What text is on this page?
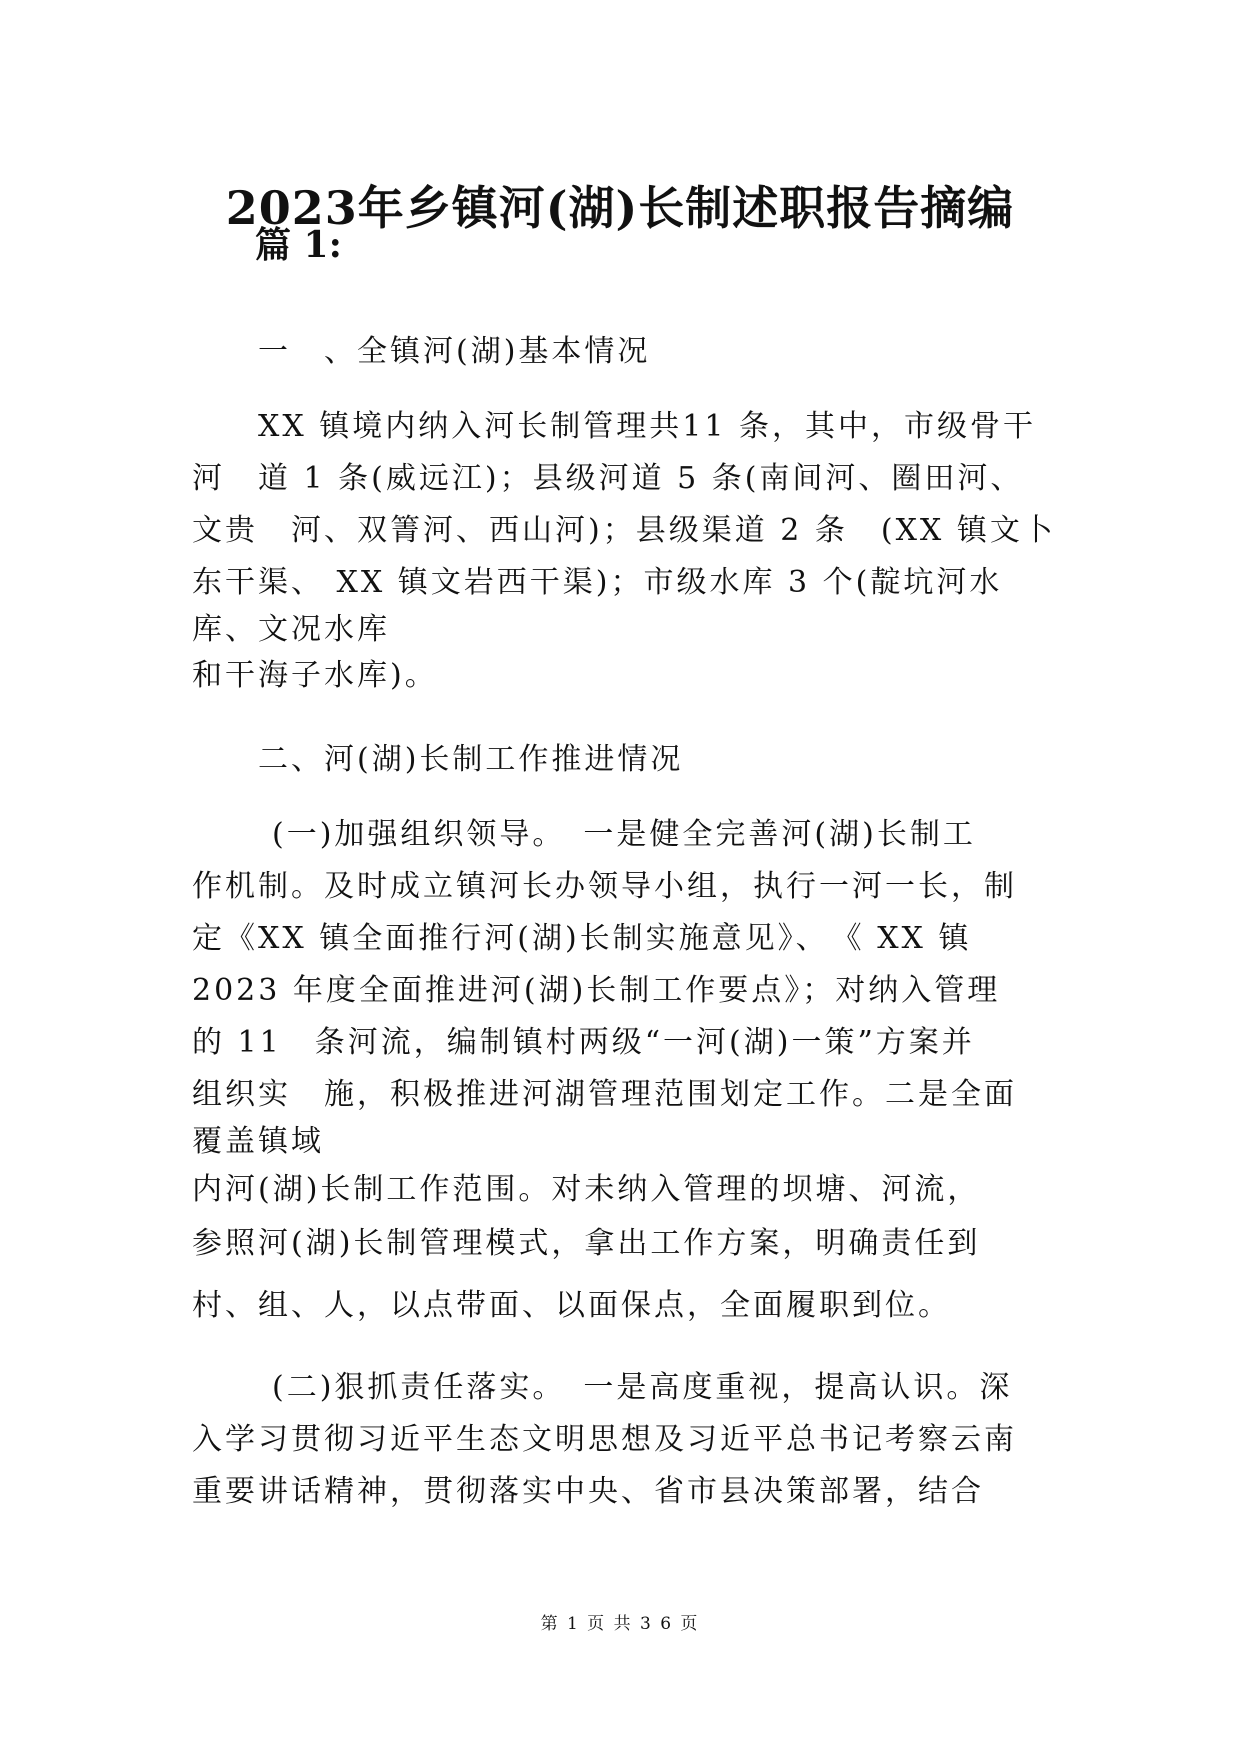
2023年乡镇河(湖)长制述职报告摘编
篇 1:

一　、全镇河(湖)基本情况

XX 镇境内纳入河长制管理共11 条，其中，市级骨干

河　道 1 条(威远江)；县级河道 5 条(南间河、圈田河、

文贵　河、双箐河、西山河)；县级渠道 2 条　(XX 镇文卜

东干渠、 XX 镇文岩西干渠)；市级水库 3 个(靛坑河水

库、文况水库

和干海子水库)。

二、河(湖)长制工作推进情况

(一)加强组织领导。　一是健全完善河(湖)长制工

作机制。及时成立镇河长办领导小组，执行一河一长，制

定《XX 镇全面推行河(湖)长制实施意见》、　《 XX 镇

2023 年度全面推进河(湖)长制工作要点》；对纳入管理

的 11　条河流，编制镇村两级“一河(湖)一策”方案并

组织实　施，积极推进河湖管理范围划定工作。二是全面

覆盖镇域

内河(湖)长制工作范围。对未纳入管理的坝塘、河流，

参照河(湖)长制管理模式，拿出工作方案，明确责任到

村、组、人，以点带面、以面保点，全面履职到位。

(二)狠抓责任落实。　一是高度重视，提高认识。深

入学习贯彻习近平生态文明思想及习近平总书记考察云南

重要讲话精神，贯彻落实中央、省市县决策部署，结合

第 1 页 共 3 6 页
